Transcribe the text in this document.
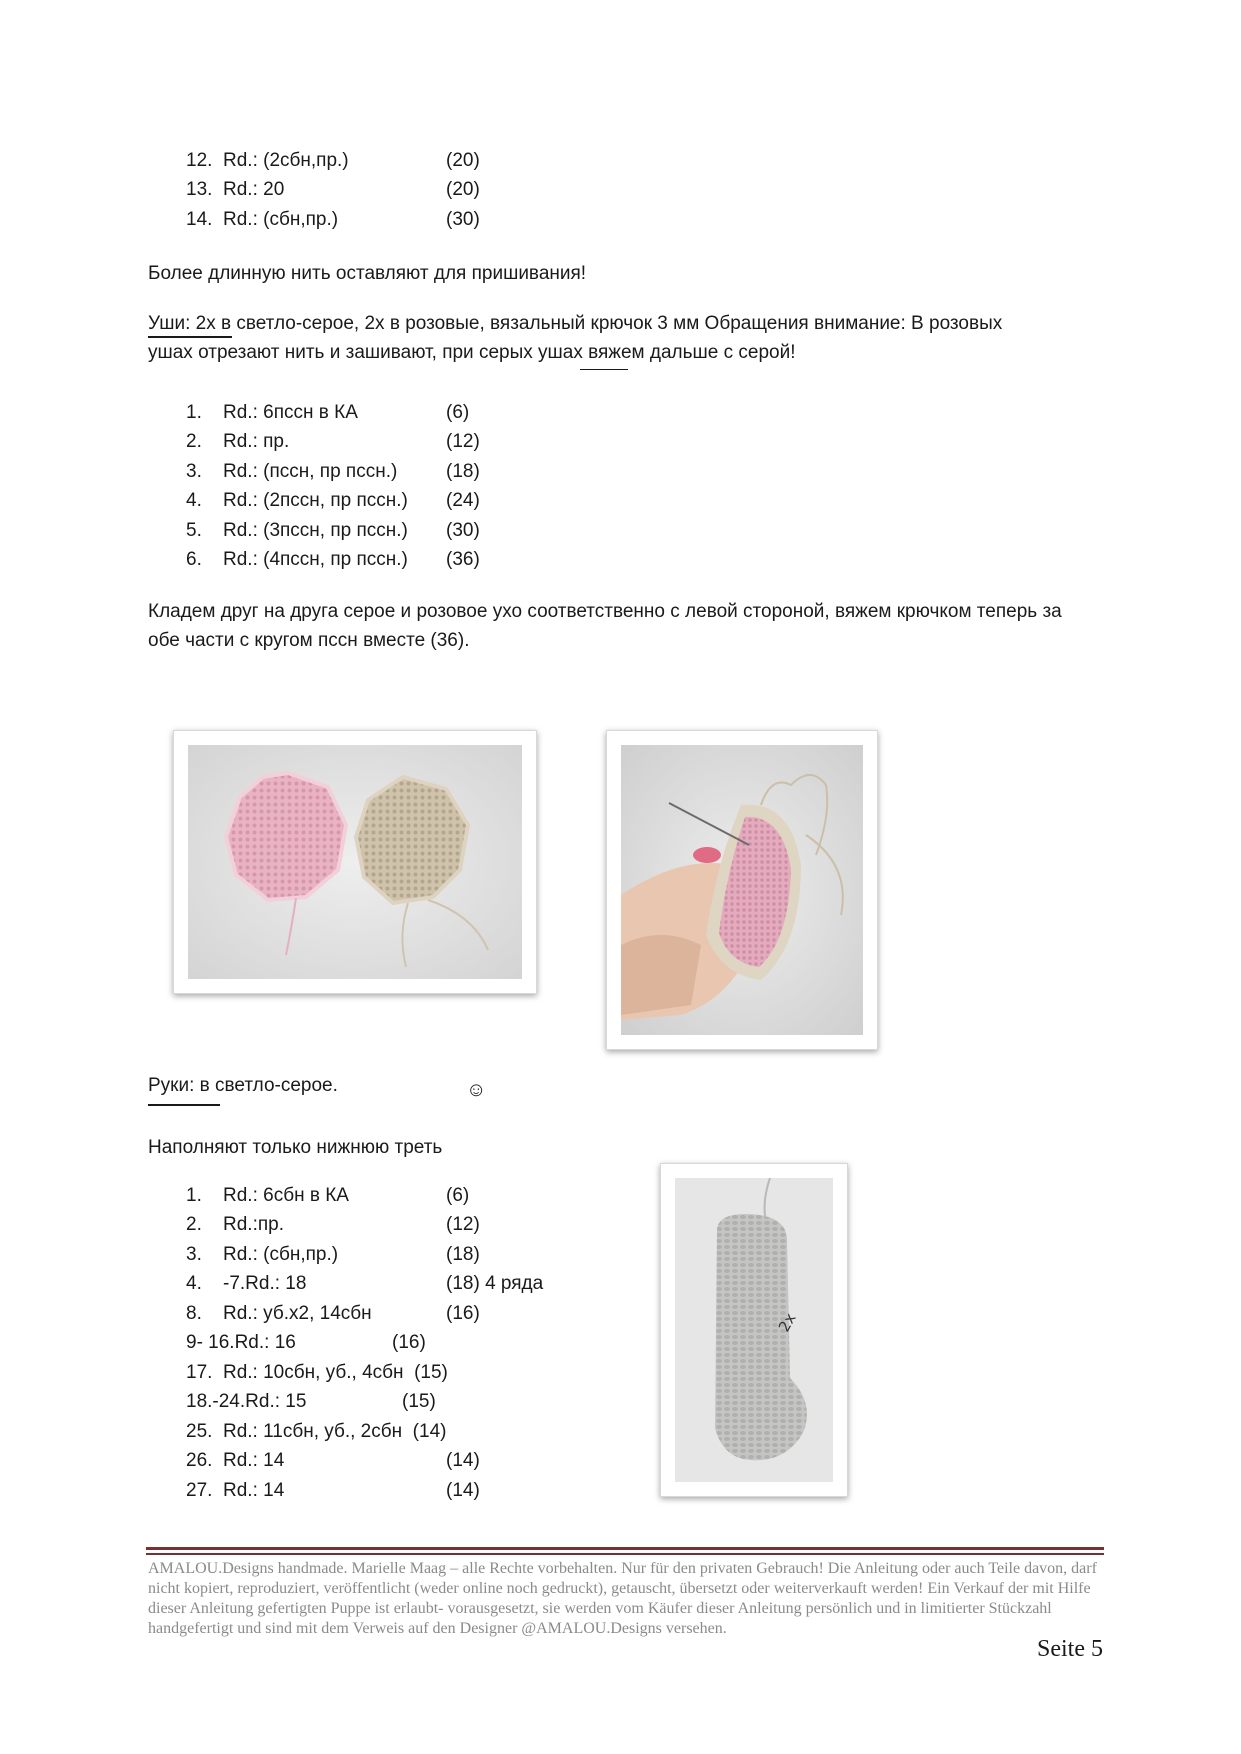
12. Rd.: (2сбн,пр.)	(20)
13. Rd.: 20	(20)
14. Rd.: (сбн,пр.)	(30)
Более длинную нить оставляют для пришивания!
Уши: 2x в светло-серое, 2x в розовые, вязальный крючок 3 мм Обращения внимание: В розовых
ушах отрезают нить и зашивают, при серых ушах вяжем дальше с серой!
1. Rd.: 6пссн в КА	(6)
2. Rd.: пр.	(12)
3. Rd.: (пссн, пр пссн.)	(18)
4. Rd.: (2пссн, пр пссн.) (24)
5. Rd.: (3пссн, пр пссн.) (30)
6. Rd.: (4пссн, пр пссн.) (36)
Кладем друг на друга серое и розовое ухо соответственно с левой стороной, вяжем крючком теперь за
обе части с кругом пссн вместе (36).
Руки: в светло-серое.	☺
Наполняют только нижнюю треть
1. Rd.: 6сбн в КА	(6)
2. Rd.:пр.	(12)
3. Rd.: (сбн,пр.)	(18)
4. -7.Rd.: 18	(18) 4 ряда
8. Rd.: уб.x2, 14сбн	(16)
9- 16.Rd.: 16	(16)
17.  Rd.: 10сбн, уб., 4сбн  (15)
18.-24.Rd.: 15	(15)
25.  Rd.: 11сбн, уб., 2сбн  (14)
26. Rd.: 14	(14)
27. Rd.: 14	(14)
2x
AMALOU.Designs handmade. Marielle Maag – alle Rechte vorbehalten. Nur für den privaten Gebrauch! Die Anleitung oder auch Teile davon, darf nicht kopiert, reproduziert, veröffentlicht (weder online noch gedruckt), getauscht, übersetzt oder weiterverkauft werden! Ein Verkauf der mit Hilfe dieser Anleitung gefertigten Puppe ist erlaubt- vorausgesetzt, sie werden vom Käufer dieser Anleitung persönlich und in limitierter Stückzahl handgefertigt und sind mit dem Verweis auf den Designer @AMALOU.Designs versehen.
Seite 5
